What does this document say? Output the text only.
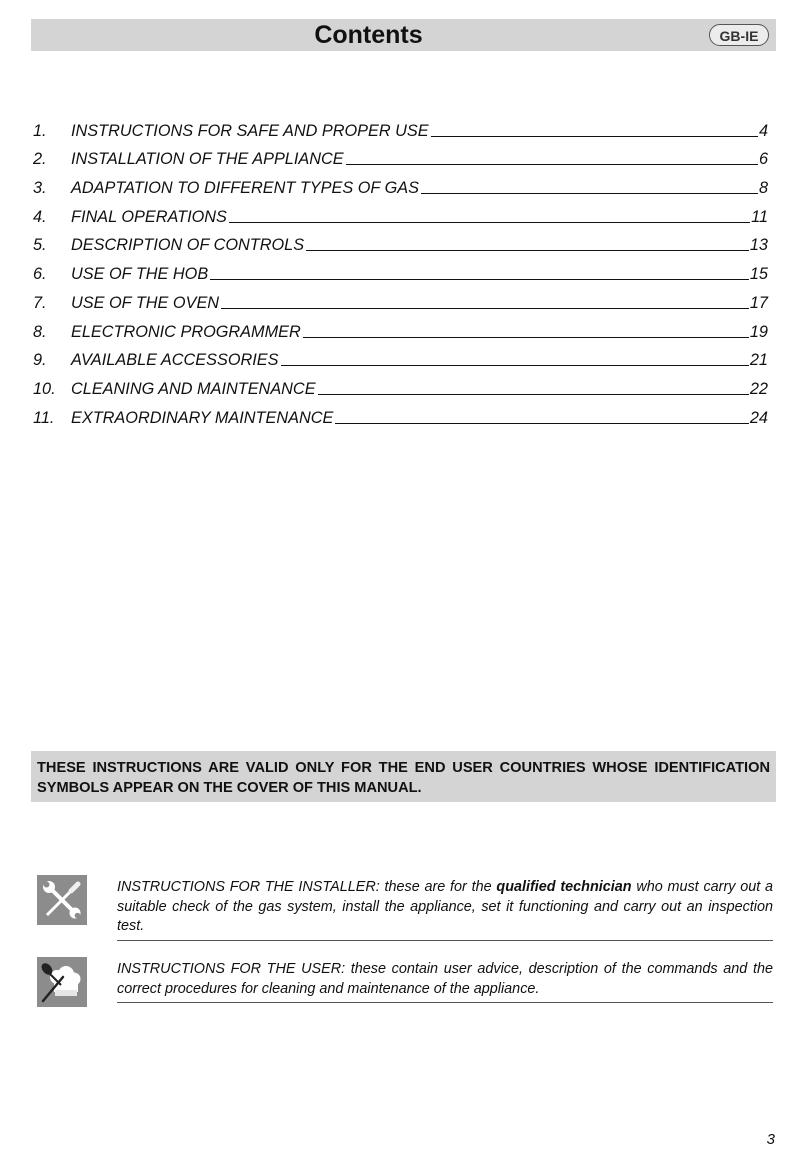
Contents	GB-IE
1.	INSTRUCTIONS FOR SAFE AND PROPER USE	4
2.	INSTALLATION OF THE APPLIANCE	6
3.	ADAPTATION TO DIFFERENT TYPES OF GAS	8
4.	FINAL OPERATIONS	11
5.	DESCRIPTION OF CONTROLS	13
6.	USE OF THE HOB	15
7.	USE OF THE OVEN	17
8.	ELECTRONIC PROGRAMMER	19
9.	AVAILABLE ACCESSORIES	21
10. CLEANING AND MAINTENANCE	22
11.	EXTRAORDINARY MAINTENANCE	24
THESE INSTRUCTIONS ARE VALID ONLY FOR THE END USER COUNTRIES WHOSE IDENTIFICATION SYMBOLS APPEAR ON THE COVER OF THIS MANUAL.
INSTRUCTIONS FOR THE INSTALLER: these are for the qualified technician who must carry out a suitable check of the gas system, install the appliance, set it functioning and carry out an inspection test.
INSTRUCTIONS FOR THE USER: these contain user advice, description of the commands and the correct procedures for cleaning and maintenance of the appliance.
3
